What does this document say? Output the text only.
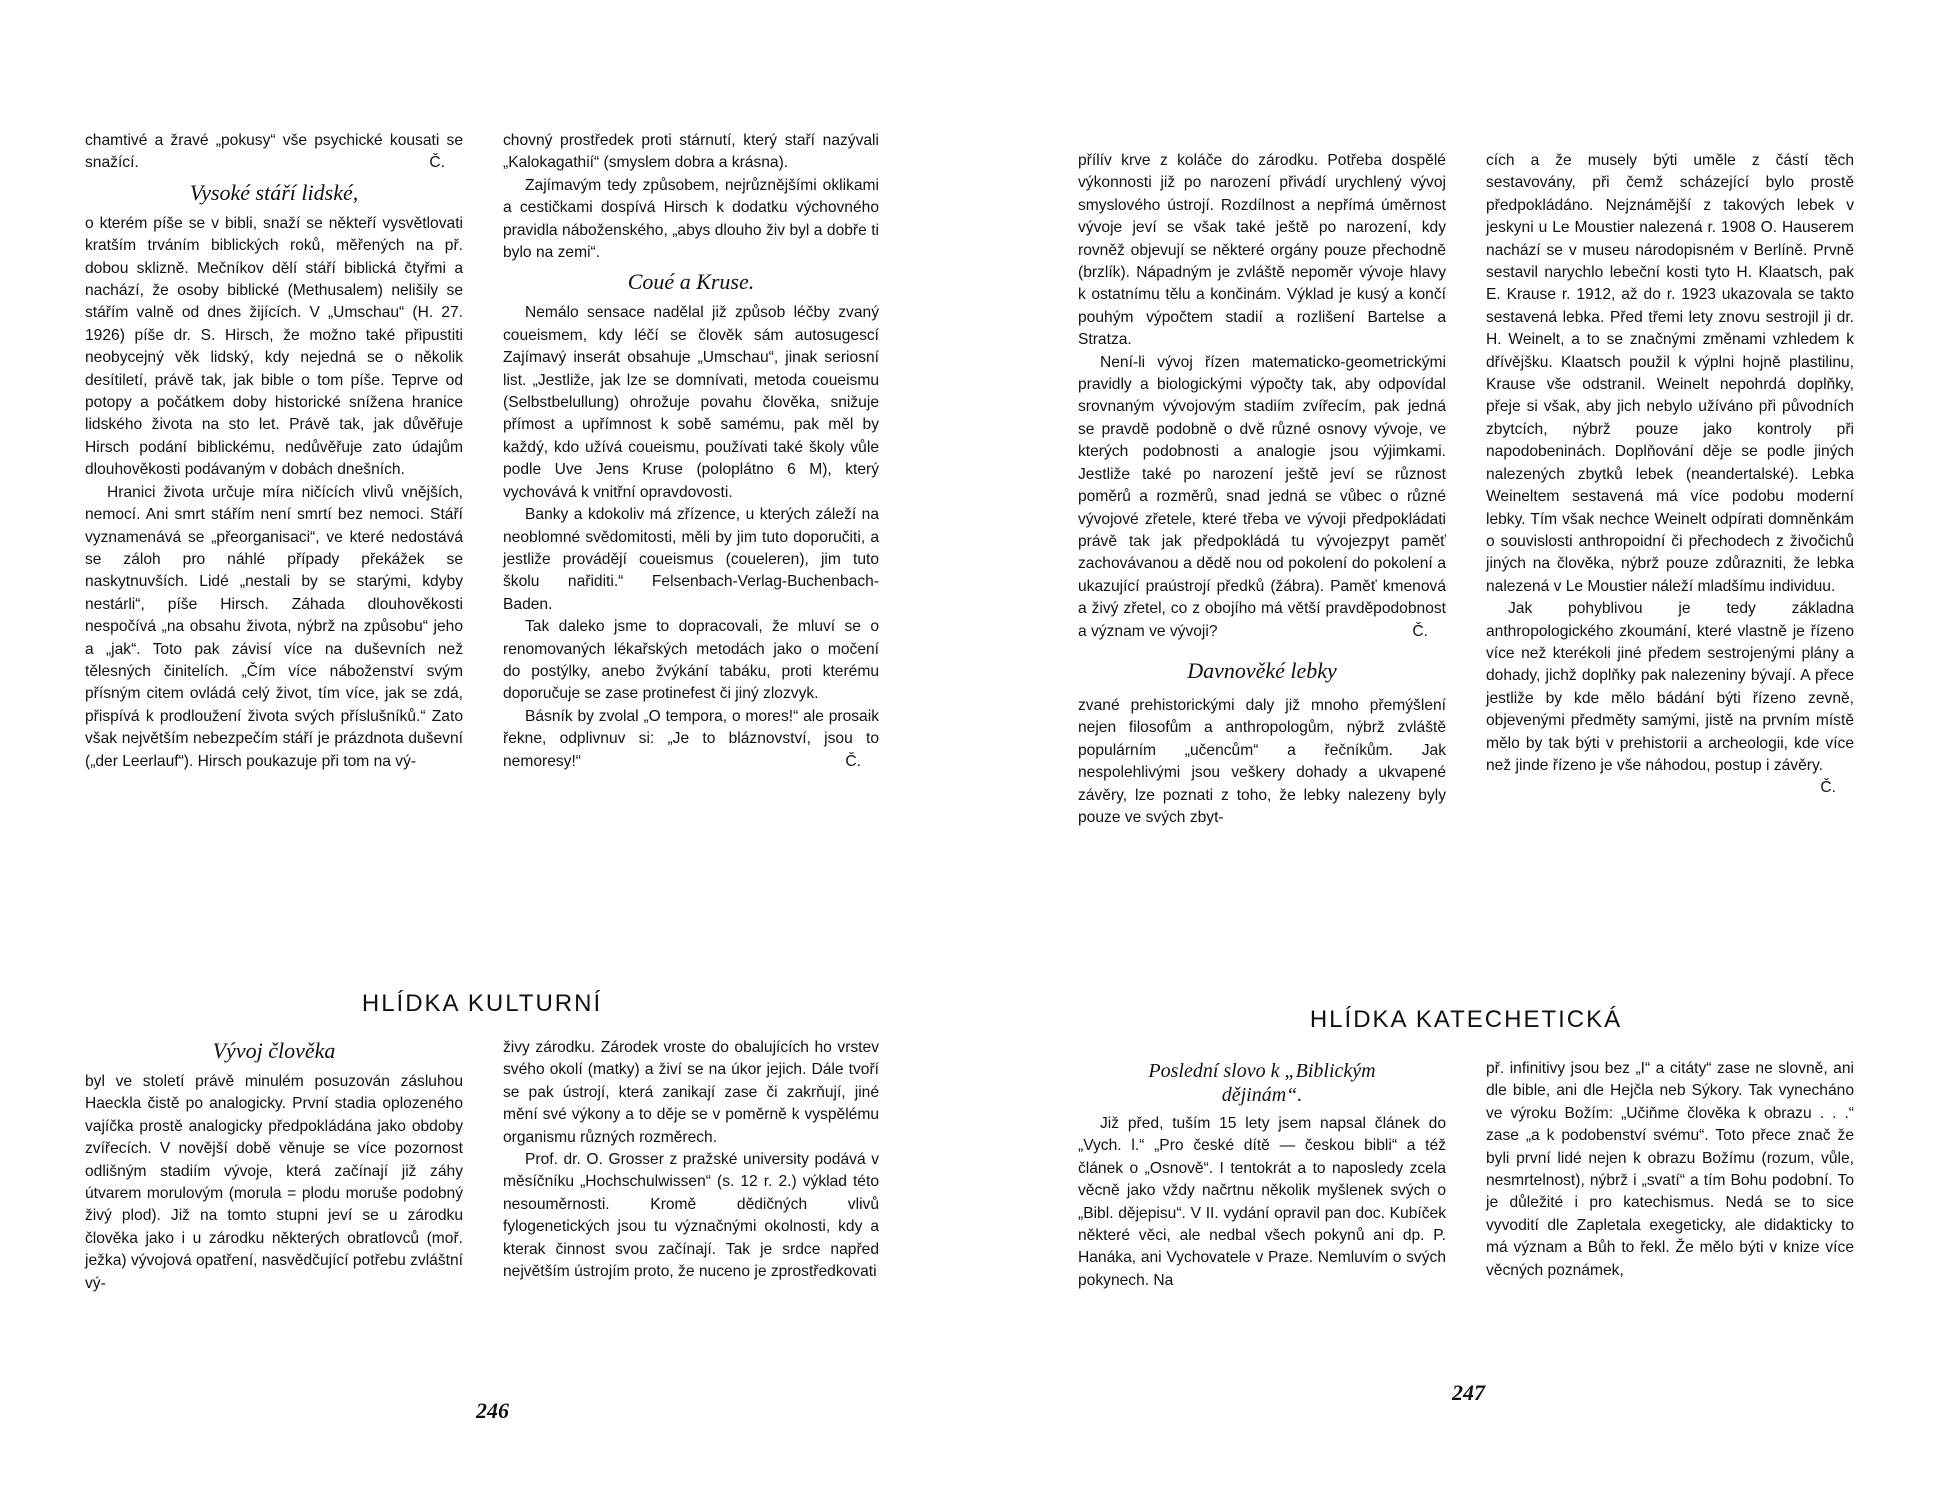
chamtivé a žravé „pokusy“ vše psychické kousati se snažící.	Č.

Vysoké stáří lidské,

o kterém píše se v bibli, snaží se někteří vysvětlovati kratším trváním biblických roků, měřených na př. dobou sklizně. Mečníkov dělí stáří biblická čtyřmi a nachází, že osoby biblické (Methusalem) nelišily se stářím valně od dnes žijících. V „Umschau“ (H. 27. 1926) píše dr. S. Hirsch, že možno také připustiti neobycejný věk lidský, kdy nejedná se o několik desítiletí, právě tak, jak bible o tom píše. Teprve od potopy a počátkem doby historické snížena hranice lidského života na sto let. Právě tak, jak důvěřuje Hirsch podání biblickému, nedůvěřuje zato údajům dlouhověkosti podávaným v dobách dnešních.

Hranici života určuje míra ničících vlivů vnějších, nemocí. Ani smrt stářím není smrtí bez nemoci. Stáří vyznamenává se „přeorganisaci“, ve které nedostává se záloh pro náhlé případy překážek se naskytnuvších. Lidé „nestali by se starými, kdyby nestárli“, píše Hirsch. Záhada dlouhověkosti nespočívá „na obsahu života, nýbrž na způsobu“ jeho a „jak“. Toto pak závisí více na duševních než tělesných činitelích. „Čím více náboženství svým přísným citem ovládá celý život, tím více, jak se zdá, přispívá k prodloužení života svých příslušníků.“ Zato však největším nebezpečím stáří je prázdnota duševní („der Leerlauf“). Hirsch poukazuje při tom na vý-

chovný prostředek proti stárnutí, který staří nazývali „Kalokagathií“ (smyslem dobra a krásna).

Zajímavým tedy způsobem, nejrůznějšími oklikami a cestičkami dospívá Hirsch k dodatku výchovného pravidla náboženského, „abys dlouho živ byl a dobře ti bylo na zemi“.

Coué a Kruse.

Nemálo sensace nadělal již způsob léčby zvaný coueismem, kdy léčí se člověk sám autosugescí Zajímavý inserát obsahuje „Umschau“, jinak seriosní list. „Jestliže, jak lze se domnívati, metoda coueismu (Selbstbelullung) ohrožuje povahu člověka, snižuje přímost a upřímnost k sobě samému, pak měl by každý, kdo užívá coueismu, používati také školy vůle podle Uve Jens Kruse (poloplátno 6 M), který vychovává k vnitřní opravdovosti.

Banky a kdokoliv má zřízence, u kterých záleží na neoblomné svědomitosti, měli by jim tuto doporučiti, a jestliže provádějí coueismus (coueleren), jim tuto školu nařiditi.“ Felsenbach-Verlag-Buchenbach-Baden.

Tak daleko jsme to dopracovali, že mluví se o renomovaných lékařských metodách jako o močení do postýlky, anebo žvýkání tabáku, proti kterému doporučuje se zase protinefest či jiný zlozvyk.

Básník by zvolal „O tempora, o mores!“ ale prosaik řekne, odplivnuv si: „Je to bláznovství, jsou to nemoresy!“	Č.

HLÍDKA KULTURNÍ
Vývoj člověka

byl ve století právě minulém posuzován zásluhou Haeckla čistě po analogicky. První stadia oplozeného vajíčka prostě analogicky předpokládána jako obdoby zvířecích. V novější době věnuje se více pozornost odlišným stadiím vývoje, která začínají již záhy útvarem morulovým (morula = plodu moruše podobný živý plod). Již na tomto stupni jeví se u zárodku člověka jako i u zárodku některých obratlovců (moř. ježka) vývojová opatření, nasvědčující potřebu zvláštní vý-

živy zárodku. Zárodek vroste do obalujících ho vrstev svého okolí (matky) a živí se na úkor jejich. Dále tvoří se pak ústrojí, která zanikají zase či zakrňují, jiné mění své výkony a to děje se v poměrně k vyspělému organismu různých rozměrech.

Prof. dr. O. Grosser z pražské university podává v měsíčníku „Hochschulwissen“ (s. 12 r. 2.) výklad této nesouměrnosti. Kromě dědičných vlivů fylogenetických jsou tu význačnými okolnosti, kdy a kterak činnost svou začínají. Tak je srdce napřed největším ústrojím proto, že nuceno je zprostředkovati

246

přílív krve z koláče do zárodku. Potřeba dospělé výkonnosti již po narození přivádí urychlený vývoj smyslového ústrojí. Rozdílnost a nepřímá úměrnost vývoje jeví se však také ještě po narození, kdy rovněž objevují se některé orgány pouze přechodně (brzlík). Nápadným je zvláště nepoměr vývoje hlavy k ostatnímu tělu a končinám. Výklad je kusý a končí pouhým výpočtem stadií a rozlišení Bartelse a Stratza.

Není-li vývoj řízen matematicko-geometrickými pravidly a biologickými výpočty tak, aby odpovídal srovnaným vývojovým stadiím zvířecím, pak jedná se pravdě podobně o dvě různé osnovy vývoje, ve kterých podobnosti a analogie jsou výjimkami. Jestliže také po narození ještě jeví se různost poměrů a rozměrů, snad jedná se vůbec o různé vývojové zřetele, které třeba ve vývoji předpokládati právě tak jak předpokládá tu vývojezpyt paměť zachovávanou a dědě nou od pokolení do pokolení a ukazující praústrojí předků (žábra). Paměť kmenová a živý zřetel, co z obojího má větší pravděpodobnost a význam ve vývoji?	Č.

Davnověké lebky

zvané prehistorickými daly již mnoho přemýšlení nejen filosofům a anthropologům, nýbrž zvláště populárním „učencům“ a řečníkům. Jak nespolehlivými jsou veškery dohady a ukvapené závěry, lze poznati z toho, že lebky nalezeny byly pouze ve svých zbyt-

cích a že musely býti uměle z částí těch sestavovány, při čemž scházející bylo prostě předpokládáno. Nejznámější z takových lebek v jeskyni u Le Moustier nalezená r. 1908 O. Hauserem nachází se v museu národopisném v Berlíně. Prvně sestavil narychlo lebeční kosti tyto H. Klaatsch, pak E. Krause r. 1912, až do r. 1923 ukazovala se takto sestavená lebka. Před třemi lety znovu sestrojil ji dr. H. Weinelt, a to se značnými změnami vzhledem k dřívějšku. Klaatsch použil k výplni hojně plastilinu, Krause vše odstranil. Weinelt nepohrdá doplňky, přeje si však, aby jich nebylo užíváno při původních zbytcích, nýbrž pouze jako kontroly při napodobeninách. Doplňování děje se podle jiných nalezených zbytků lebek (neandertalské). Lebka Weineltem sestavená má více podobu moderní lebky. Tím však nechce Weinelt odpírati domněnkám o souvislosti anthropoidní či přechodech z živočichů jiných na člověka, nýbrž pouze zdůrazniti, že lebka nalezená v Le Moustier náleží mladšímu individuu.

Jak pohyblivou je tedy základna anthropologického zkoumání, které vlastně je řízeno více než kterékoli jiné předem sestrojenými plány a dohady, jichž doplňky pak nalezeniny bývají. A přece jestliže by kde mělo bádání býti řízeno zevně, objevenými předměty samými, jistě na prvním místě mělo by tak býti v prehistorii a archeologii, kde více než jinde řízeno je vše náhodou, postup i závěry.
Č.

HLÍDKA KATECHETICKÁ
Poslední slovo k „Biblickým dějinám“.

Již před, tuším 15 lety jsem napsal článek do „Vych. l.“ „Pro české dítě — českou bibli“ a též článek o „Osnově“. I tentokrát a to naposledy zcela věcně jako vždy načrtnu několik myšlenek svých o „Bibl. dějepisu“. V II. vydání opravil pan doc. Kubíček některé věci, ale nedbal všech pokynů ani dp. P. Hanáka, ani Vychovatele v Praze. Nemluvím o svých pokynech. Na

př. infinitivy jsou bez „I“ a citáty“ zase ne slovně, ani dle bible, ani dle Hejčla neb Sýkory. Tak vynecháno ve výroku Božím: „Učiňme člověka k obrazu . . .“ zase „a k podobenství svému“. Toto přece znač že byli první lidé nejen k obrazu Božímu (rozum, vůle, nesmrtelnost), nýbrž i „svatí“ a tím Bohu podobní. To je důležité i pro katechismus. Nedá se to sice vyvodití dle Zapletala exegeticky, ale didakticky to má význam a Bůh to řekl. Že mělo býti v knize více věcných poznámek,

247
